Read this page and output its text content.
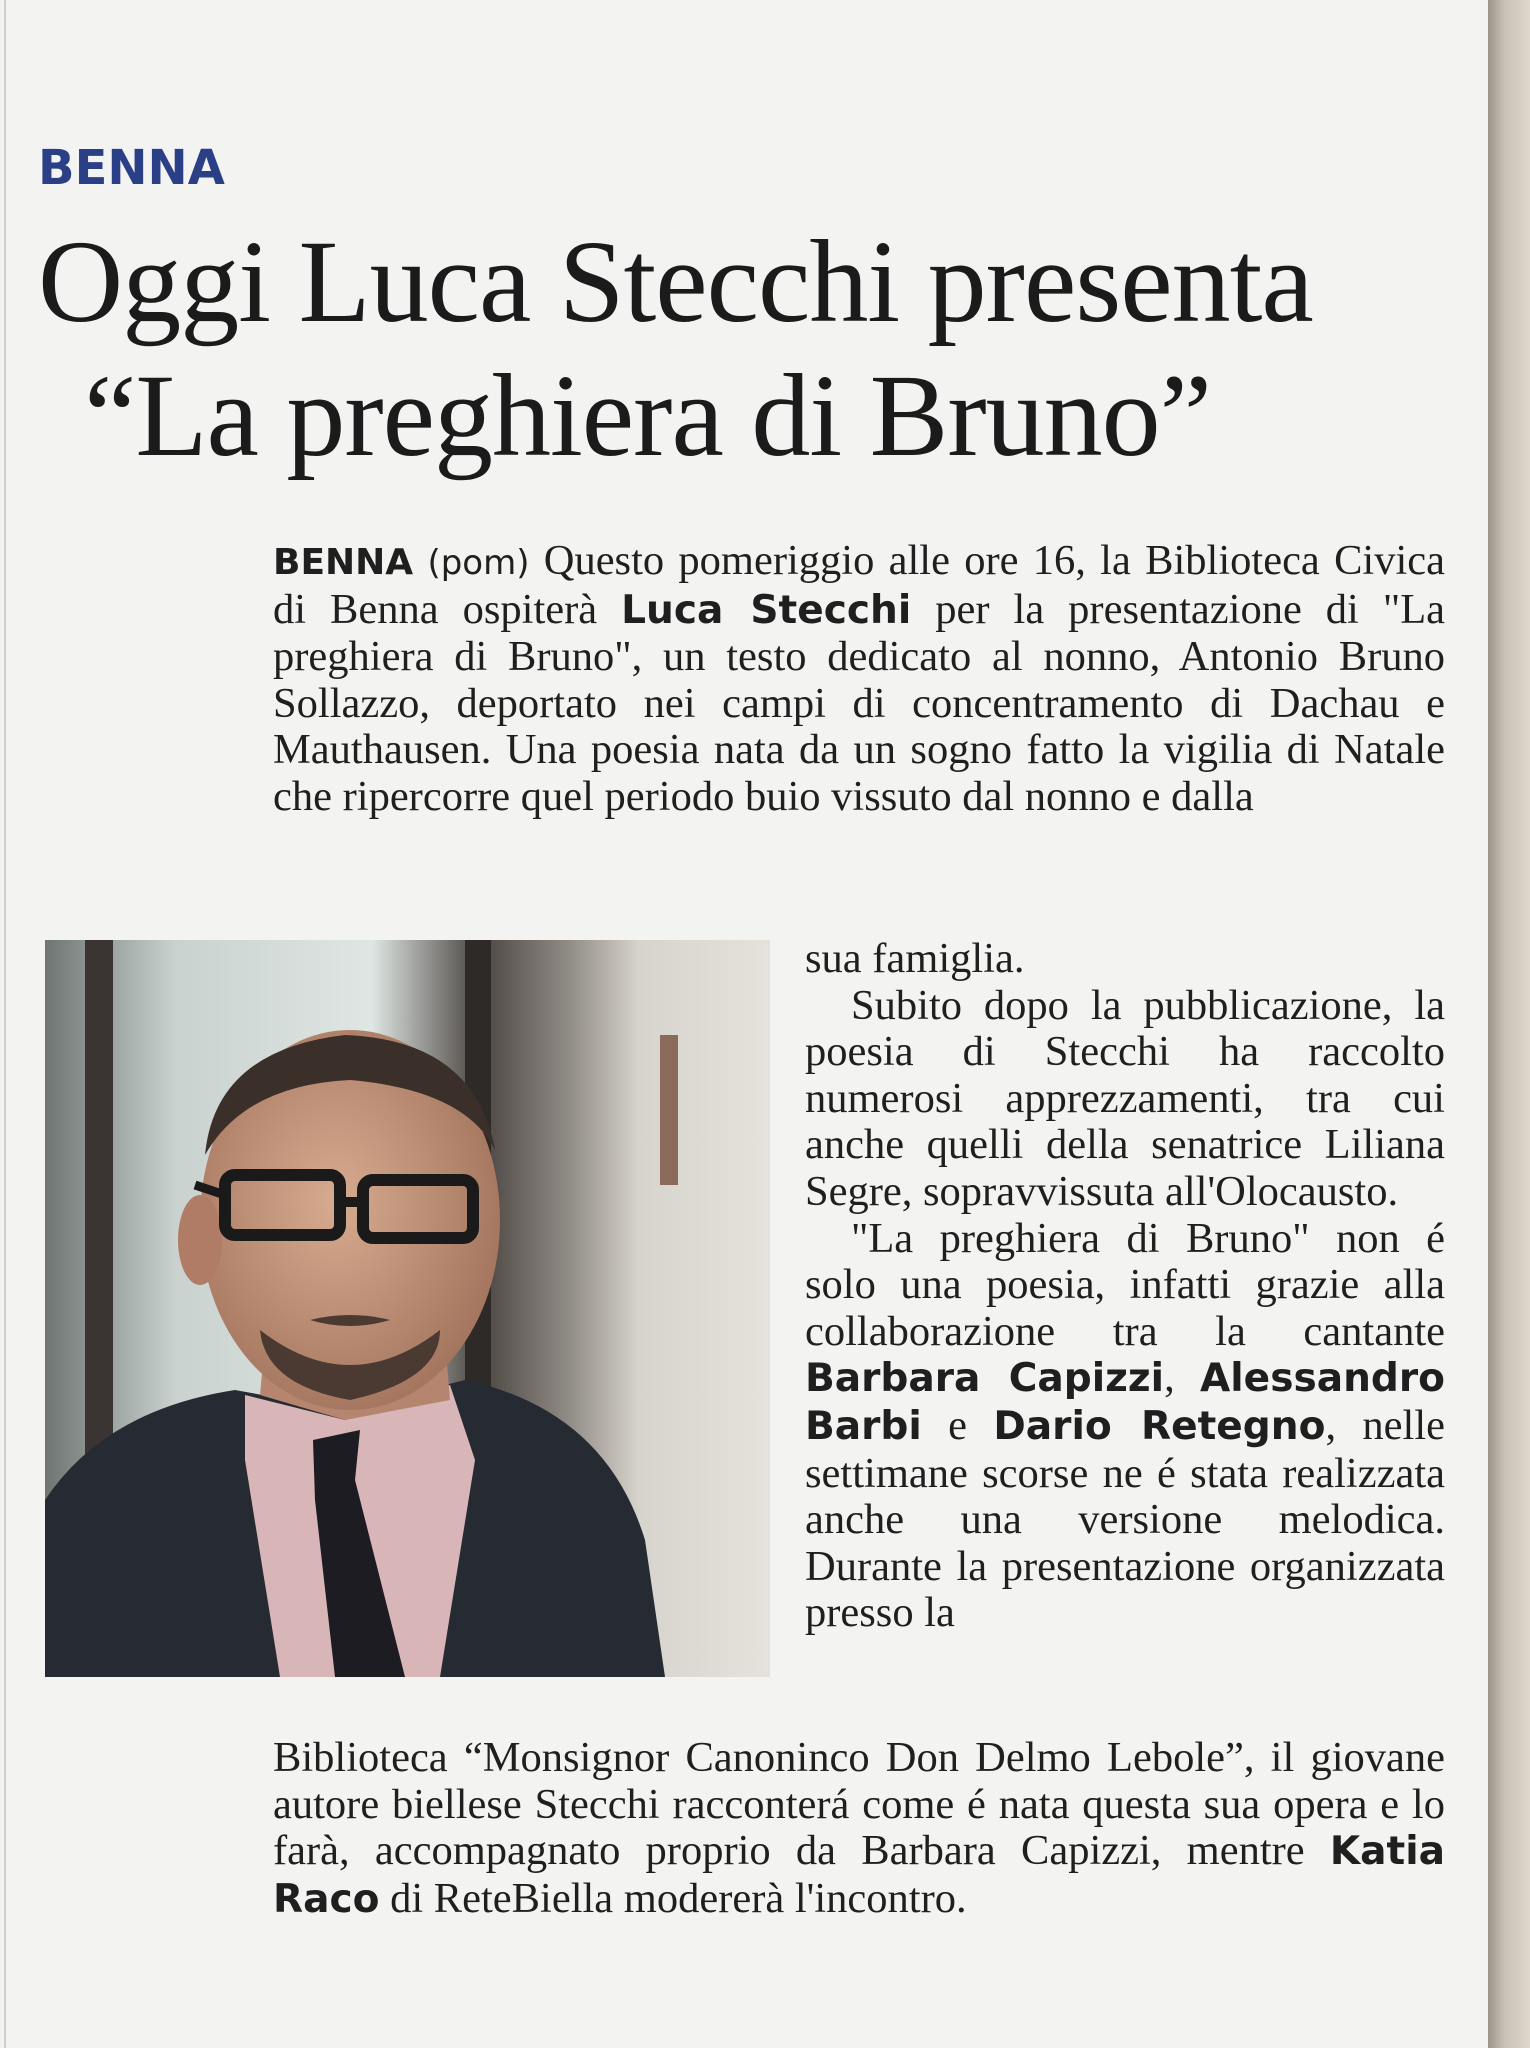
BENNA
Oggi Luca Stecchi presenta
“La preghiera di Bruno”
BENNA (pom) Questo pomeriggio alle ore 16, la Biblioteca Civica di Benna ospiterà Luca Stecchi per la presentazione di "La preghiera di Bruno", un testo dedicato al nonno, Antonio Bruno Sollazzo, deportato nei campi di concentramento di Dachau e Mauthausen. Una poesia nata da un sogno fatto la vigilia di Natale che ripercorre quel periodo buio vissuto dal nonno e dalla

sua famiglia.

Subito dopo la pubblicazione, la poesia di Stecchi ha raccolto numerosi apprezzamenti, tra cui anche quelli della senatrice Liliana Segre, sopravvissuta all'Olocausto.

"La preghiera di Bruno" non é solo una poesia, infatti grazie alla collaborazione tra la cantante Barbara Capizzi, Alessandro Barbi e Dario Retegno, nelle settimane scorse ne é stata realizzata anche una versione melodica. Durante la presentazione organizzata presso la

Biblioteca “Monsignor Canoninco Don Delmo Lebole”, il giovane autore biellese Stecchi racconterá come é nata questa sua opera e lo farà, accompagnato proprio da Barbara Capizzi, mentre Katia Raco di ReteBiella modererà l'incontro.
